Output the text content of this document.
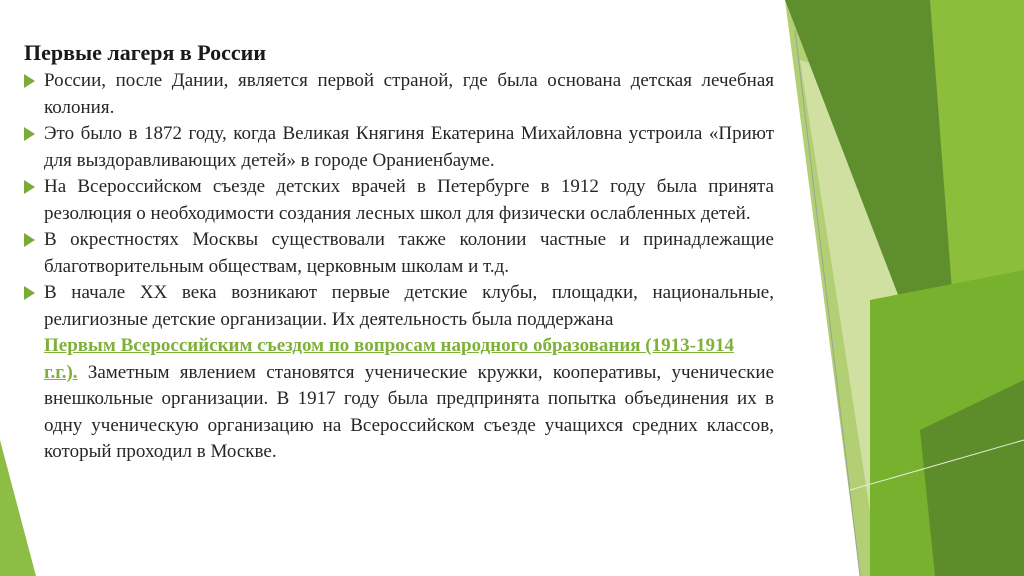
Первые лагеря в России
России, после Дании, является первой страной, где была основана детская лечебная колония.
Это было в 1872 году, когда Великая Княгиня Екатерина Михайловна устроила «Приют для выздоравливающих детей» в городе Ораниенбауме.
На Всероссийском съезде детских врачей в Петербурге в 1912 году была принята резолюция о необходимости создания лесных школ для физически ослабленных детей.
В окрестностях Москвы существовали также колонии частные и принадлежащие благотворительным обществам, церковным школам и т.д.
В начале XX века возникают первые детские клубы, площадки, национальные, религиозные детские организации. Их деятельность была поддержана
Первым Всероссийским съездом по вопросам народного образования (1913-1914
г.г.). Заметным явлением становятся ученические кружки, кооперативы, ученические внешкольные организации. В 1917 году была предпринята попытка объединения их в одну ученическую организацию на Всероссийском съезде учащихся средних классов, который проходил в Москве.
